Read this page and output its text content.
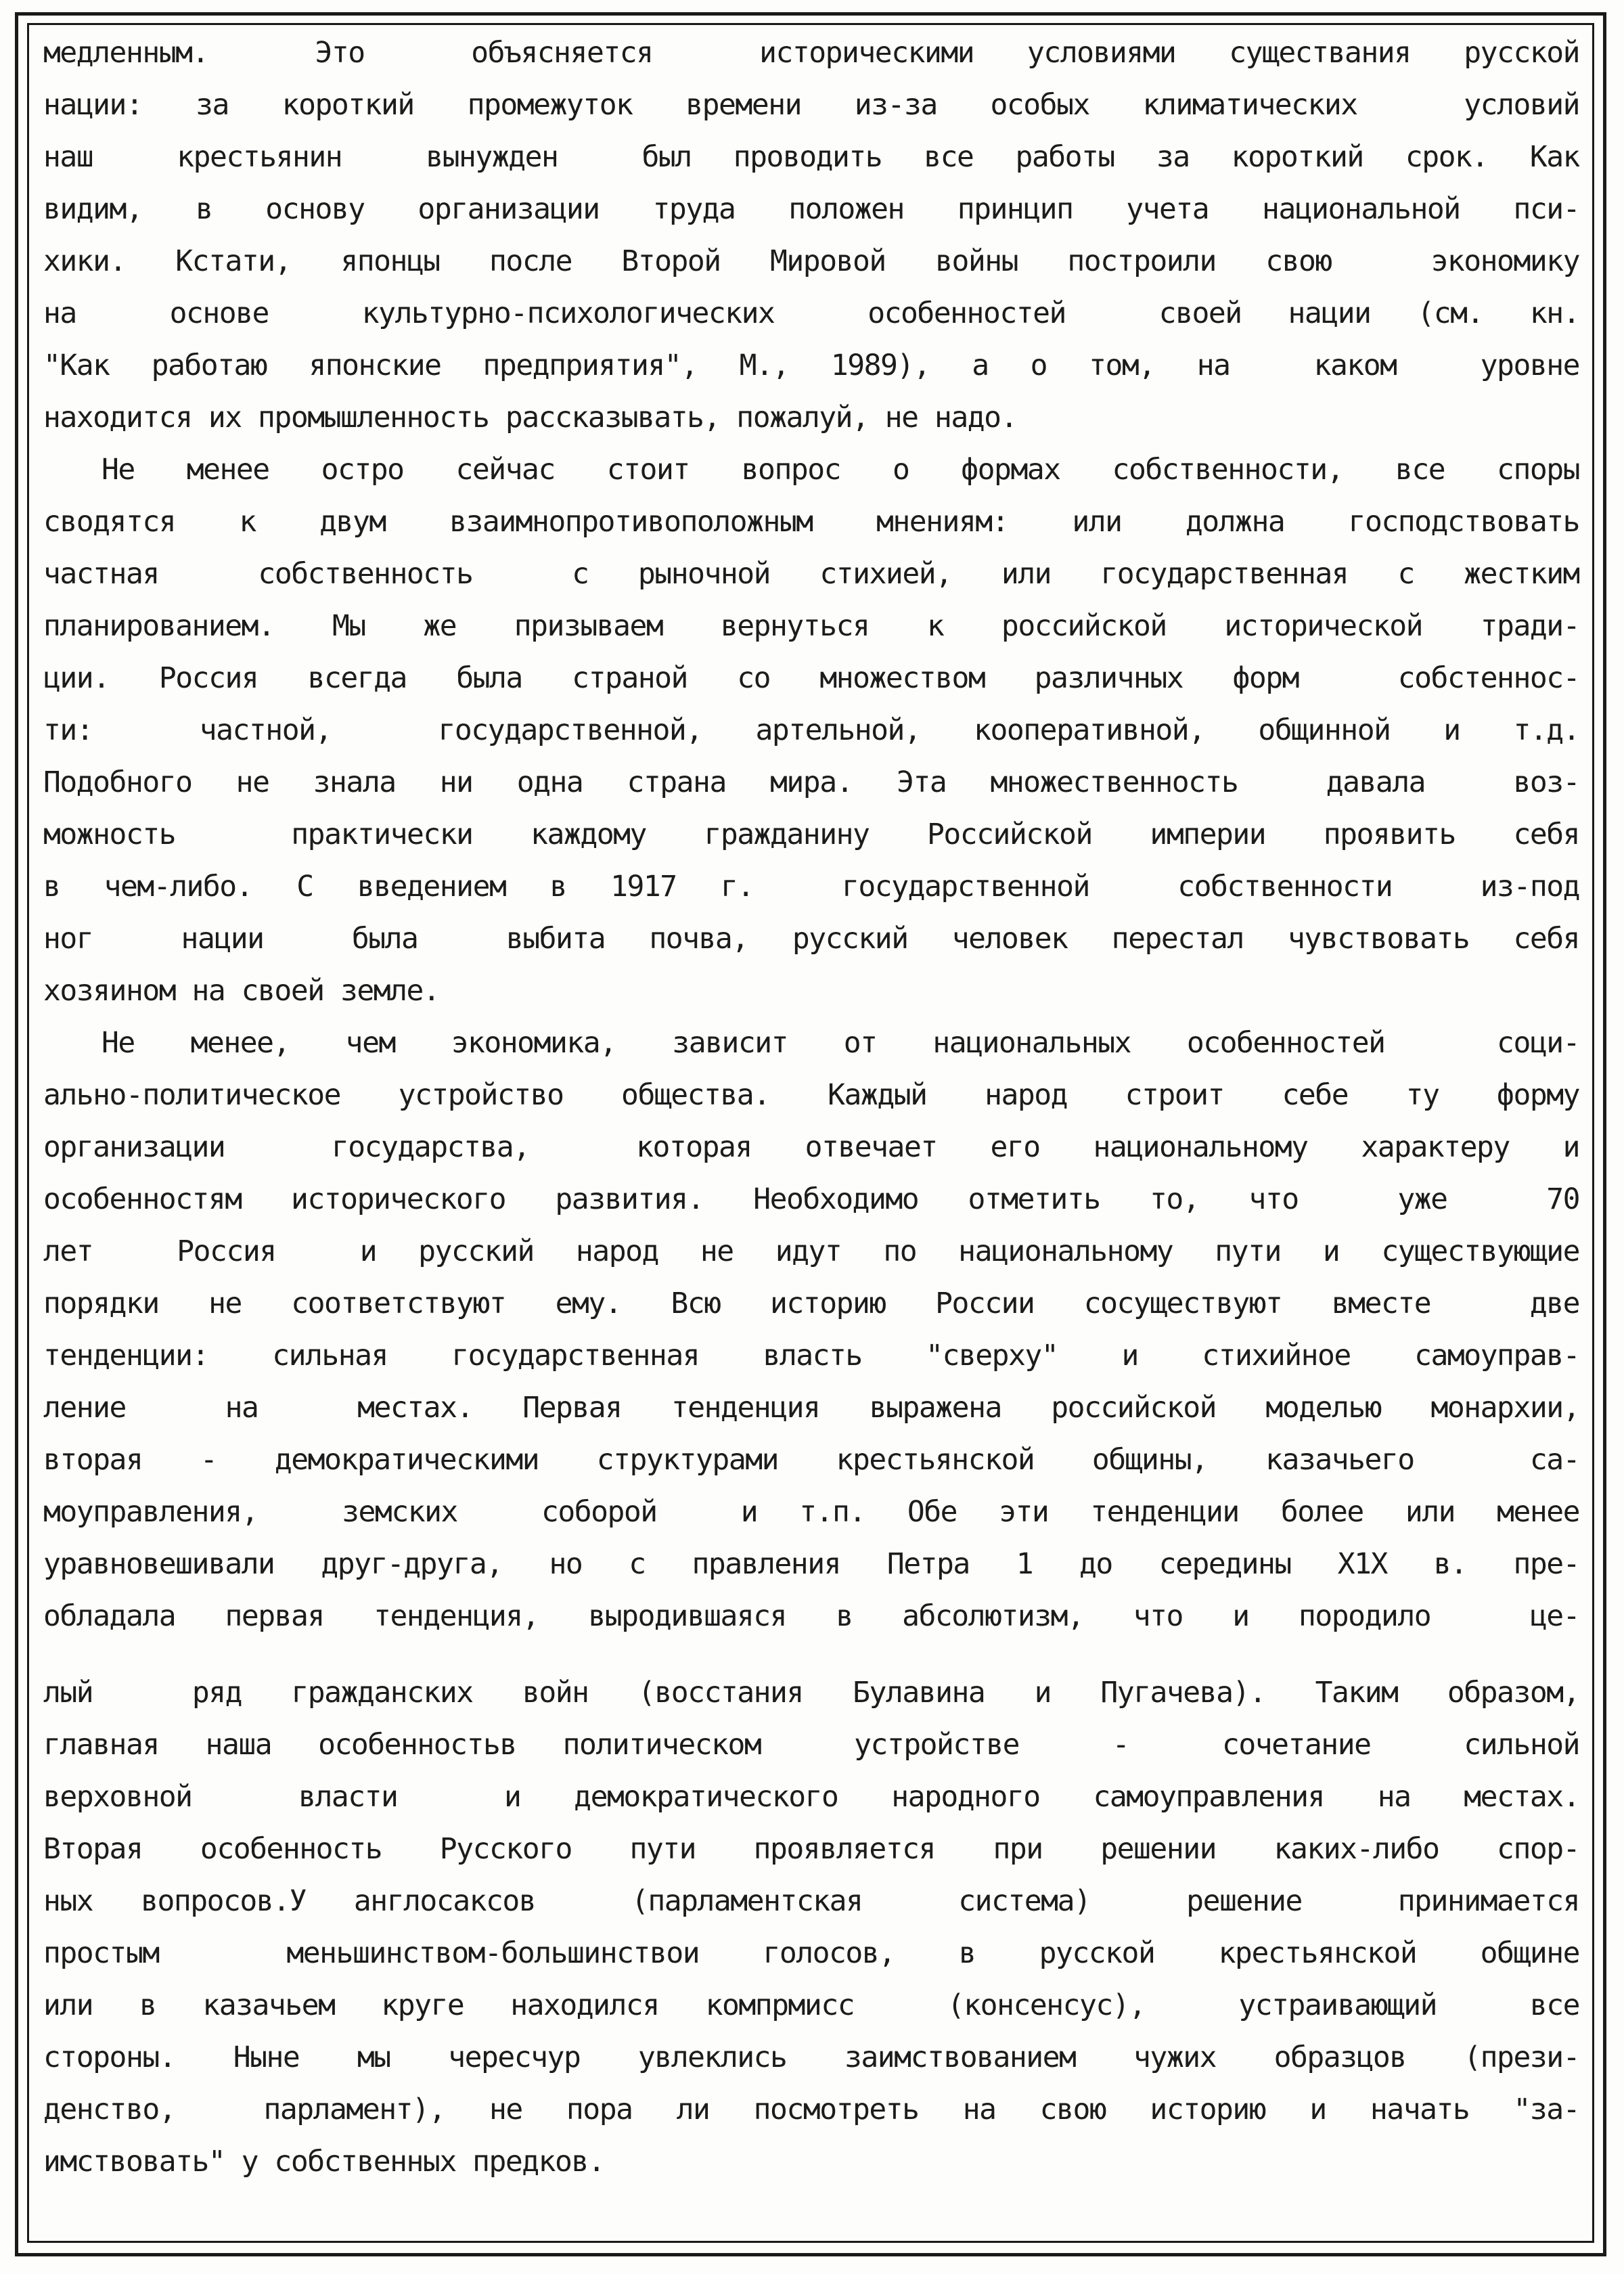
медленным.  Это  объясняется  историческими условиями существания русской
нации: за короткий промежуток времени из-за особых климатических  условий
наш  крестьянин  вынужден  был проводить все работы за короткий срок. Как
видим, в основу организации труда положен принцип учета национальной пси-
хики. Кстати, японцы после Второй Мировой войны построили свою  экономику
на  основе  культурно-психологических  особенностей  своей нации (см. кн.
"Как работаю японские предприятия", М., 1989), а о том, на  каком  уровне
находится их промышленность рассказывать, пожалуй, не надо.
Не менее остро сейчас стоит вопрос о формах собственности, все споры
сводятся к двум взаимнопротивоположным мнениям: или должна господствовать
частная  собственность  с рыночной стихией, или государственная с жестким
планированием. Мы же призываем вернуться к российской исторической тради-
ции. Россия всегда была страной со множеством различных форм  собстеннос-
ти:  частной,  государственной, артельной, кооперативной, общинной и т.д.
Подобного не знала ни одна страна мира. Эта множественность  давала  воз-
можность  практически каждому гражданину Российской империи проявить себя
в чем-либо. С введением в 1917 г.  государственной  собственности  из-под
ног  нации  была  выбита почва, русский человек перестал чувствовать себя
хозяином на своей земле.
Не менее, чем экономика, зависит от национальных особенностей  соци-
ально-политическое устройство общества. Каждый народ строит себе ту форму
организации  государства,  которая отвечает его национальному характеру и
особенностям исторического развития. Необходимо отметить то, что  уже  70
лет  Россия  и русский народ не идут по национальному пути и существующие
порядки не соответствуют ему. Всю историю России сосуществуют вместе  две
тенденции: сильная государственная власть "сверху" и стихийное самоуправ-
ление  на  местах. Первая тенденция выражена российской моделью монархии,
вторая - демократическими структурами крестьянской общины, казачьего  са-
моуправления,  земских  соборой  и т.п. Обе эти тенденции более или менее
уравновешивали друг-друга, но с правления Петра 1 до середины Х1Х в. пре-
обладала первая тенденция, выродившаяся в абсолютизм, что и породило  це-
лый  ряд гражданских войн (восстания Булавина и Пугачева). Таким образом,
главная наша особенностьв политическом  устройстве  -  сочетание  сильной
верховной  власти  и демократического народного самоуправления на местах.
Вторая особенность Русского пути проявляется при решении каких-либо спор-
ных вопросов.У англосаксов  (парламентская  система)  решение  принимается
простым  меньшинством-большинствои голосов, в русской крестьянской общине
или в казачьем круге находился компрмисс  (консенсус),  устраивающий  все
стороны. Ныне мы чересчур увлеклись заимствованием чужих образцов (прези-
денство,  парламент), не пора ли посмотреть на свою историю и начать "за-
имствовать" у собственных предков.
